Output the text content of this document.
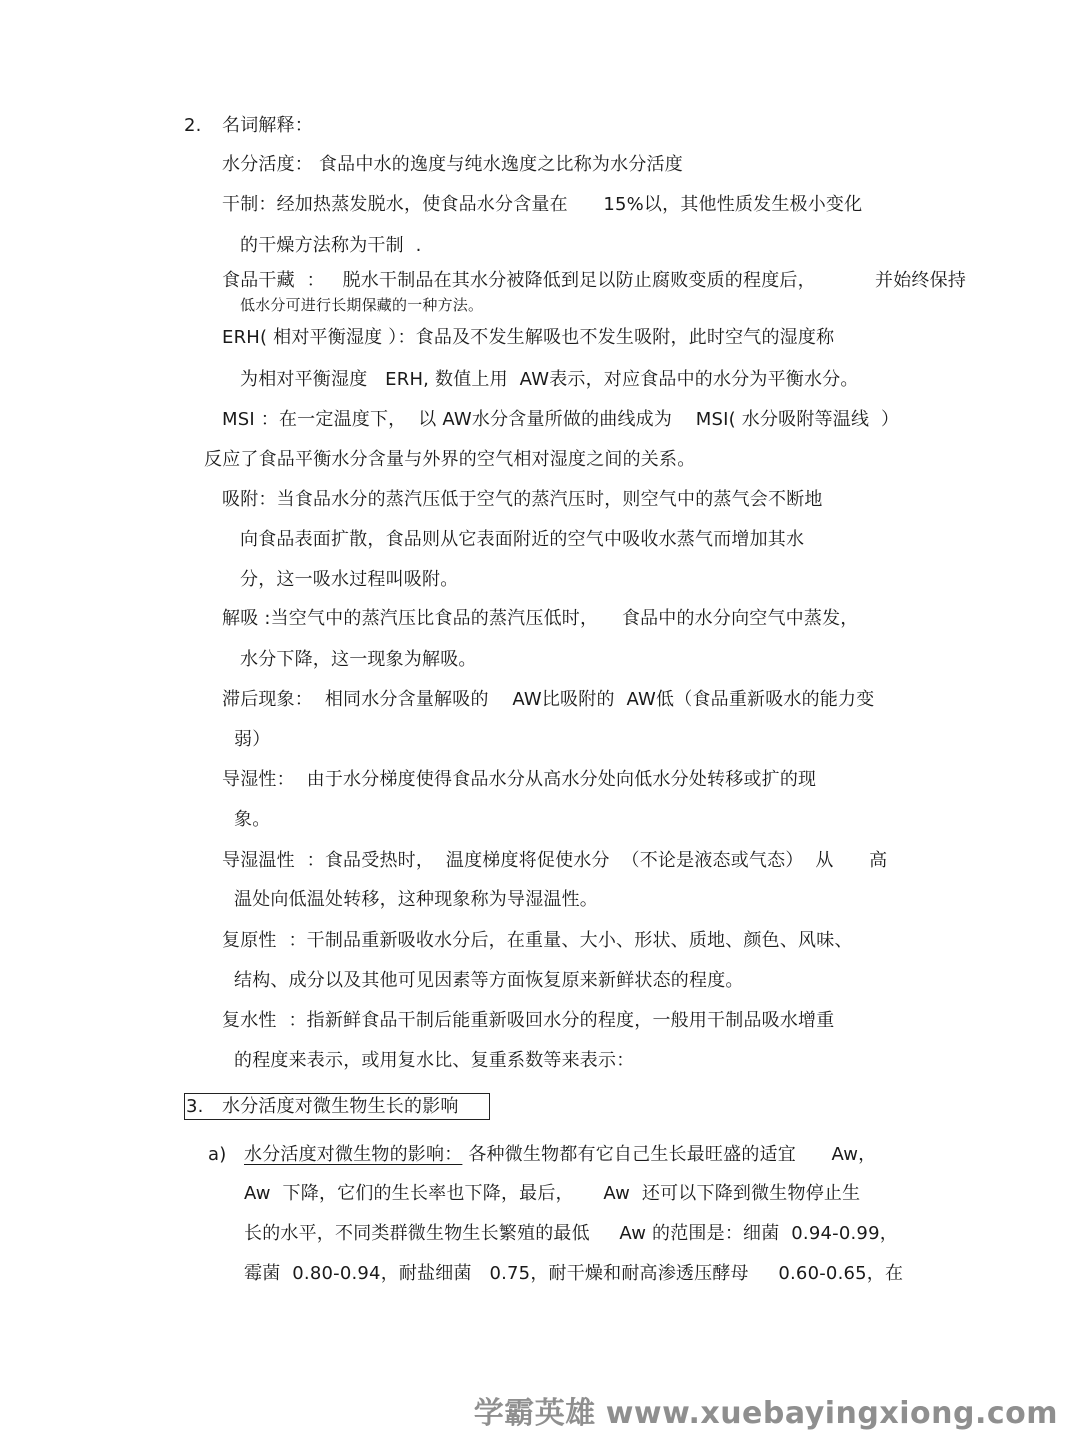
2. 名词解释：
水分活度： 食品中水的逸度与纯水逸度之比称为水分活度
干制：经加热蒸发脱水，使食品水分含量在      15%以，其他性质发生极小变化
的干燥方法称为干制  .
食品干藏  ：   脱水干制品在其水分被降低到足以防止腐败变质的程度后，          并始终保持
低水分可进行长期保藏的一种方法。
ERH( 相对平衡湿度 ）：食品及不发生解吸也不发生吸附，此时空气的湿度称
为相对平衡湿度   ERH, 数值上用  AW表示，对应食品中的水分为平衡水分。
MSI ：在一定温度下，  以 AW水分含量所做的曲线成为    MSI( 水分吸附等温线  ）
反应了食品平衡水分含量与外界的空气相对湿度之间的关系。
吸附：当食品水分的蒸汽压低于空气的蒸汽压时，则空气中的蒸气会不断地
向食品表面扩散，食品则从它表面附近的空气中吸收水蒸气而增加其水
分，这一吸水过程叫吸附。
解吸 :当空气中的蒸汽压比食品的蒸汽压低时，    食品中的水分向空气中蒸发，
水分下降，这一现象为解吸。
滞后现象：  相同水分含量解吸的    AW比吸附的  AW低（食品重新吸水的能力变
弱）
导湿性：  由于水分梯度使得食品水分从高水分处向低水分处转移或扩的现
象。
导湿温性  ：食品受热时，  温度梯度将促使水分  （不论是液态或气态）  从      高
温处向低温处转移，这种现象称为导湿温性。
复原性  ：干制品重新吸收水分后，在重量、大小、形状、质地、颜色、风味、
结构、成分以及其他可见因素等方面恢复原来新鲜状态的程度。
复水性  ：指新鲜食品干制后能重新吸回水分的程度，一般用干制品吸水增重
的程度来表示，或用复水比、复重系数等来表示：
3. 水分活度对微生物生长的影响
a) 水分活度对微生物的影响： 各种微生物都有它自己生长最旺盛的适宜      Aw，
Aw  下降，它们的生长率也下降，最后，     Aw  还可以下降到微生物停止生
长的水平，不同类群微生物生长繁殖的最低     Aw 的范围是：细菌  0.94-0.99，
霉菌  0.80-0.94，耐盐细菌   0.75，耐干燥和耐高渗透压酵母     0.60-0.65，在
学霸英雄 www.xuebayingxiong.com
